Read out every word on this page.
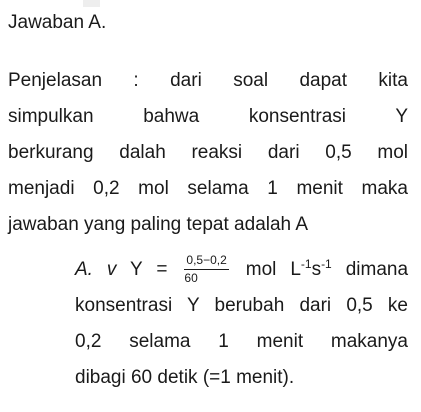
Jawaban A.
Penjelasan : dari soal dapat kita
simpulkan bahwa konsentrasi Y
berkurang dalah reaksi dari 0,5 mol
menjadi 0,2 mol selama 1 menit maka
jawaban yang paling tepat adalah A
A. v $Y = \frac{0,5-0,2}{60}$ mol $L^{-1}s^{-1}$ dimana
konsentrasi Y berubah dari 0,5 ke
0,2 selama 1 menit makanya
dibagi 60 detik (=1 menit).
